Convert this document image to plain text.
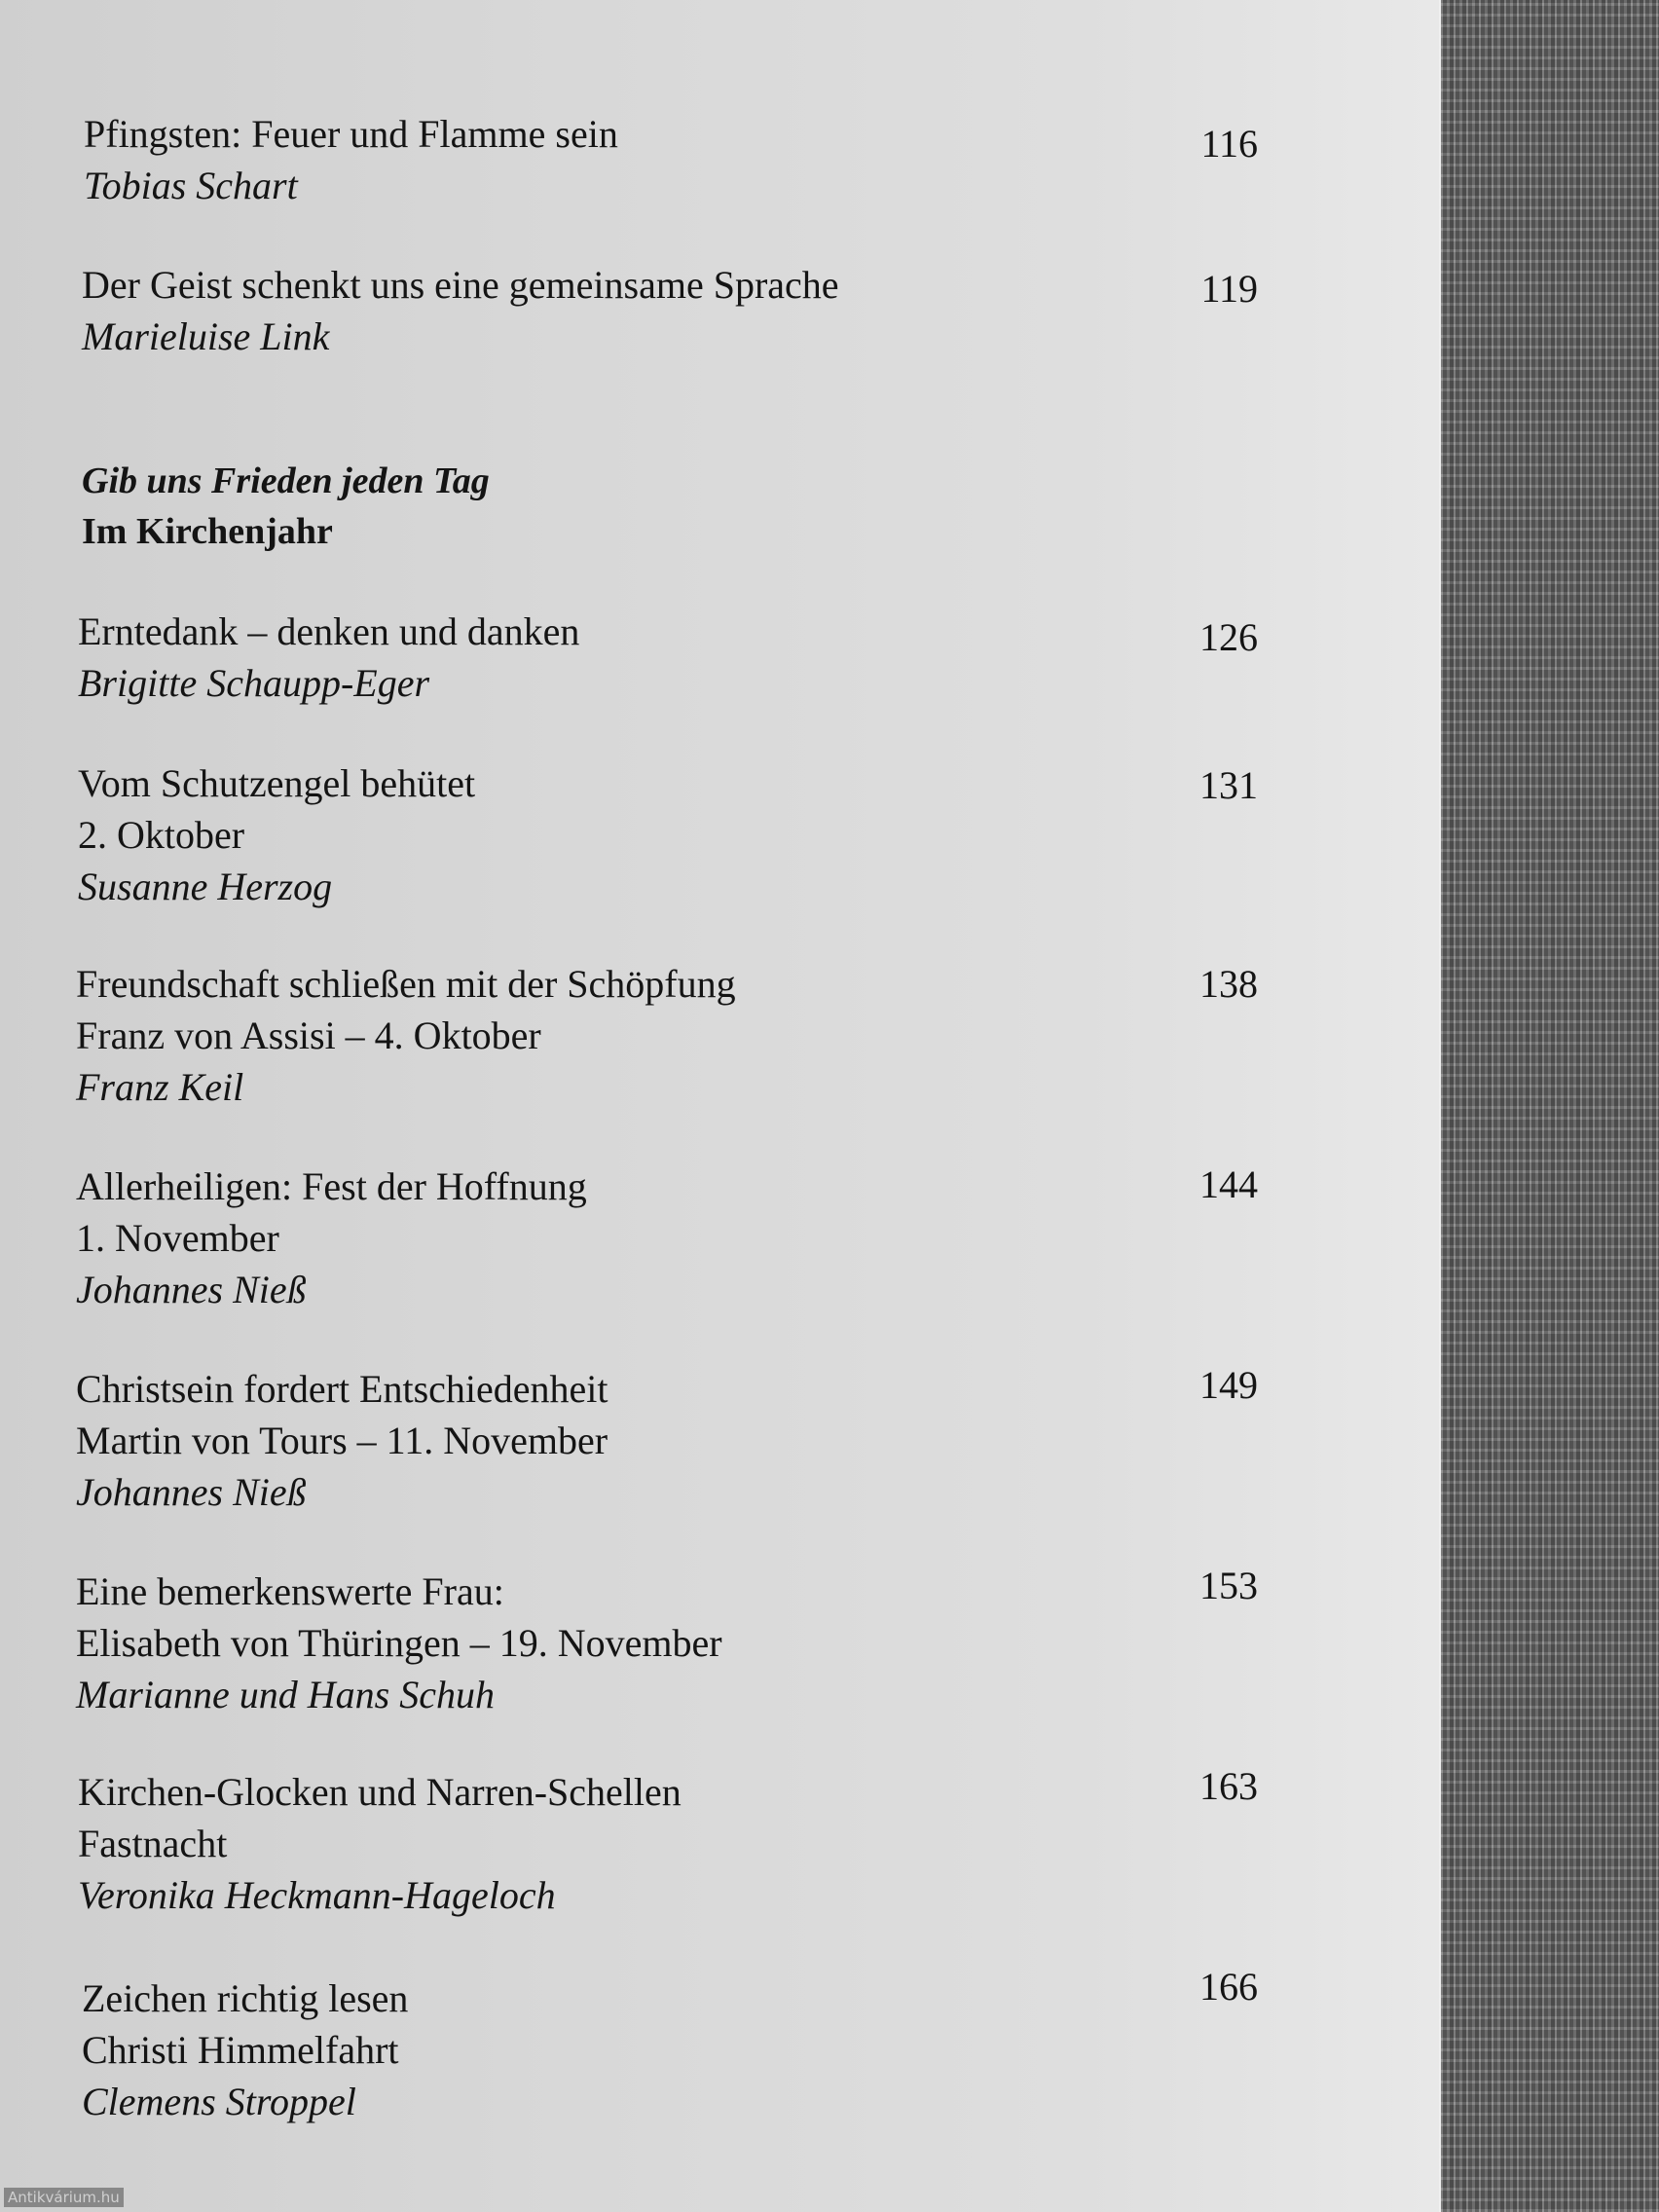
Pfingsten: Feuer und Flamme sein
Tobias Schart
116
Der Geist schenkt uns eine gemeinsame Sprache
Marieluise Link
119
Gib uns Frieden jeden Tag
Im Kirchenjahr
Erntedank – denken und danken
Brigitte Schaupp-Eger
126
Vom Schutzengel behütet
2. Oktober
Susanne Herzog
131
Freundschaft schließen mit der Schöpfung
Franz von Assisi – 4. Oktober
Franz Keil
138
Allerheiligen: Fest der Hoffnung
1. November
Johannes Nieß
144
Christsein fordert Entschiedenheit
Martin von Tours – 11. November
Johannes Nieß
149
Eine bemerkenswerte Frau:
Elisabeth von Thüringen – 19. November
Marianne und Hans Schuh
153
Kirchen-Glocken und Narren-Schellen
Fastnacht
Veronika Heckmann-Hageloch
163
Zeichen richtig lesen
Christi Himmelfahrt
Clemens Stroppel
166
Antikvárium.hu
